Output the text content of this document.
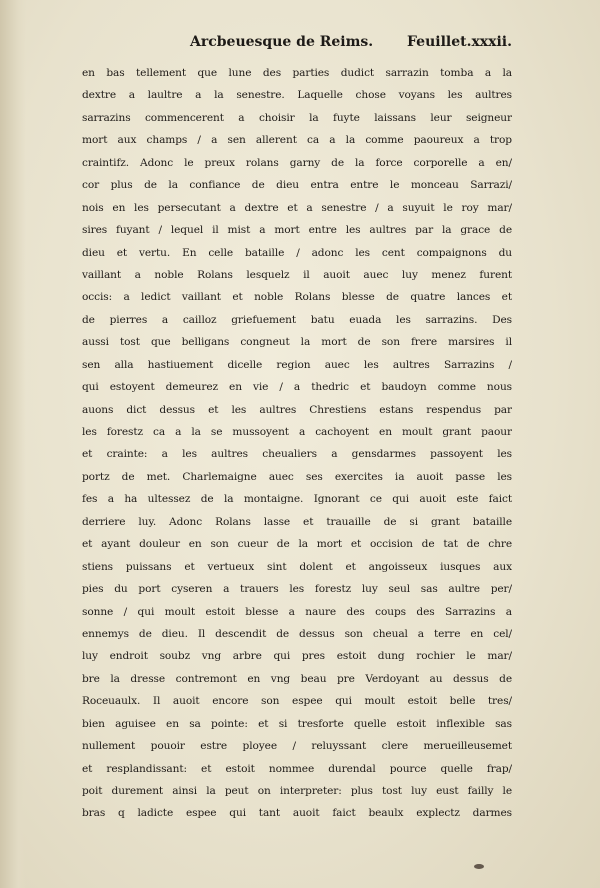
Arcbeuesque de Reims. Feuillet.xxxii.
en bas tellement que lune des parties dudict sarrazin tomba a la
dextre a laultre a la senestre. Laquelle chose voyans les aultres
sarrazins commencerent a choisir la fuyte laissans leur seigneur
mort aux champs / a sen allerent ca a la comme paoureux a trop
craintifz. Adonc le preux rolans garny de la force corporelle a en/
cor plus de la confiance de dieu entra entre le monceau Sarrazi/
nois en les persecutant a dextre et a senestre / a suyuit le roy mar/
sires fuyant / lequel il mist a mort entre les aultres par la grace de
dieu et vertu. En celle bataille / adonc les cent compaignons du
vaillant a noble Rolans lesquelz il auoit auec luy menez furent
occis: a ledict vaillant et noble Rolans blesse de quatre lances et
de pierres a cailloz griefuement batu euada les sarrazins. Des
aussi tost que belligans congneut la mort de son frere marsires il
sen alla hastiuement dicelle region auec les aultres Sarrazins /
qui estoyent demeurez en vie / a thedric et baudoyn comme nous
auons dict dessus et les aultres Chrestiens estans respendus par
les forestz ca a la se mussoyent a cachoyent en moult grant paour
et crainte: a les aultres cheualiers a gensdarmes passoyent les
portz de met. Charlemaigne auec ses exercites ia auoit passe les
fes a ha ultessez de la montaigne. Ignorant ce qui auoit este faict
derriere luy. Adonc Rolans lasse et trauaille de si grant bataille
et ayant douleur en son cueur de la mort et occision de tat de chre
stiens puissans et vertueux sint dolent et angoisseux iusques aux
pies du port cyseren a trauers les forestz luy seul sas aultre per/
sonne / qui moult estoit blesse a naure des coups des Sarrazins a
ennemys de dieu. Il descendit de dessus son cheual a terre en cel/
luy endroit soubz vng arbre qui pres estoit dung rochier le mar/
bre la dresse contremont en vng beau pre Verdoyant au dessus de
Roceuaulx. Il auoit encore son espee qui moult estoit belle tres/
bien aguisee en sa pointe: et si tresforte quelle estoit inflexible sas
nullement pouoir estre ployee / reluyssant clere merueilleusemet
et resplandissant: et estoit nommee durendal pource quelle frap/
poit durement ainsi la peut on interpreter: plus tost luy eust failly le
bras q ladicte espee qui tant auoit faict beaulx explectz darmes
